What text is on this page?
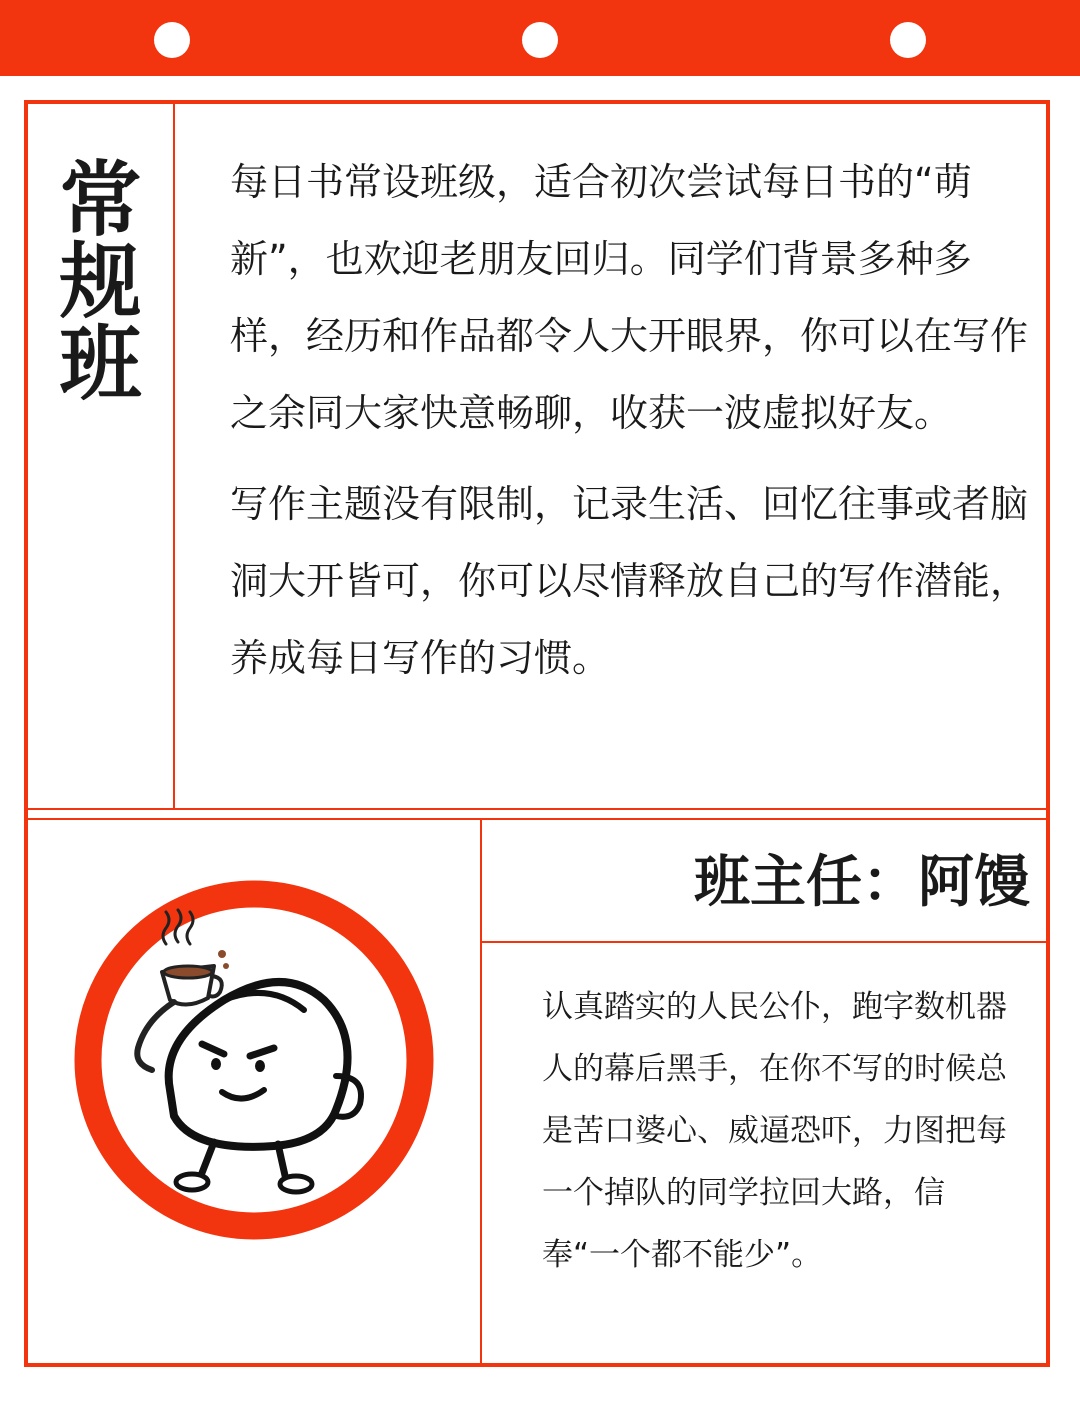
常规班 每日书常设班级，适合初次尝试每日书的“萌新”，也欢迎老朋友回归。同学们背景多种多样，经历和作品都令人大开眼界，你可以在写作之余同大家快意畅聊，收获一波虚拟好友。

写作主题没有限制，记录生活、回忆往事或者脑洞大开皆可，你可以尽情释放自己的写作潜能，养成每日写作的习惯。

班主任：阿馒
认真踏实的人民公仆，跑字数机器人的幕后黑手，在你不写的时候总是苦口婆心、威逼恐吓，力图把每一个掉队的同学拉回大路，信奉“一个都不能少”。
